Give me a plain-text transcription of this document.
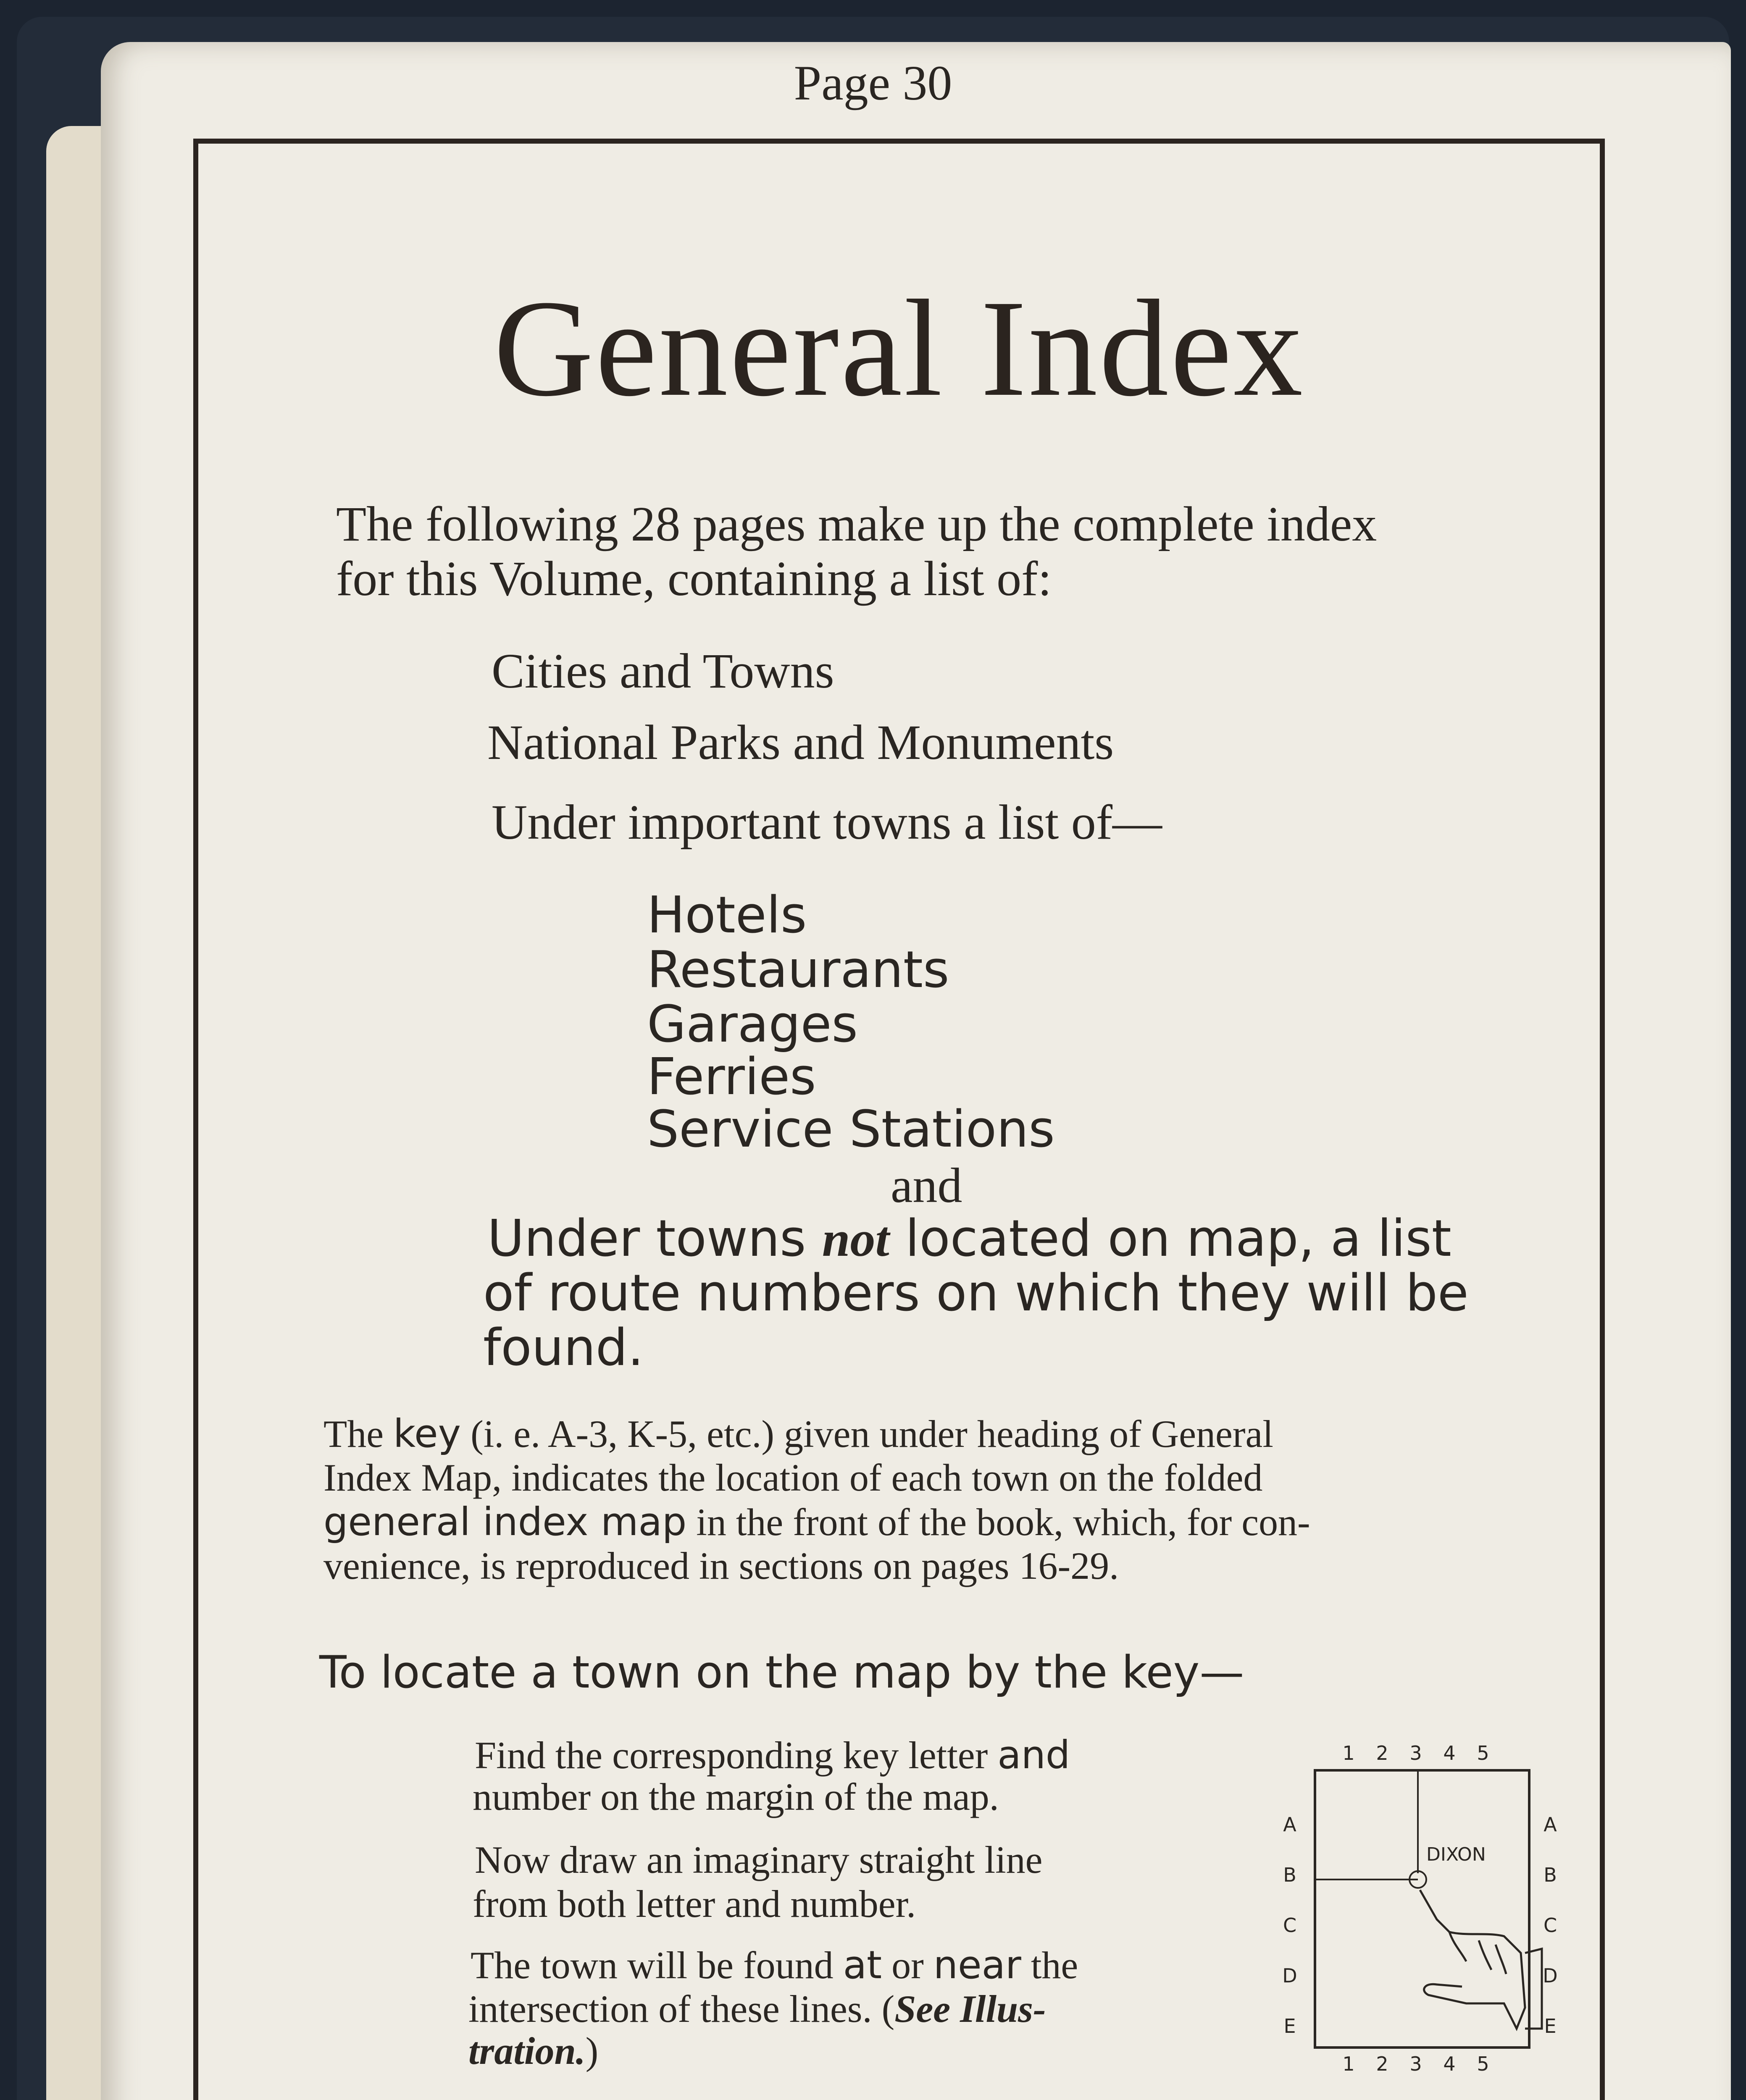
Page 30
General Index
The following 28 pages make up the complete index
for this Volume, containing a list of:
Cities and Towns
National Parks and Monuments
Under important towns a list of—
Hotels
Restaurants
Garages
Ferries
Service Stations
and
Under towns not located on map, a list
of route numbers on which they will be
found.
The key (i. e. A-3, K-5, etc.) given under heading of General
Index Map, indicates the location of each town on the folded
general index map in the front of the book, which, for con-
venience, is reproduced in sections on pages 16-29.
To locate a town on the map by the key—
Find the corresponding key letter and
number on the margin of the map.
Now draw an imaginary straight line
from both letter and number.
The town will be found at or near the
intersection of these lines. (See Illus-
tration.)
1 2 3 4 5
1 2 3 4 5
A
B
C
D
E
A
B
C
D
E
DIXON
